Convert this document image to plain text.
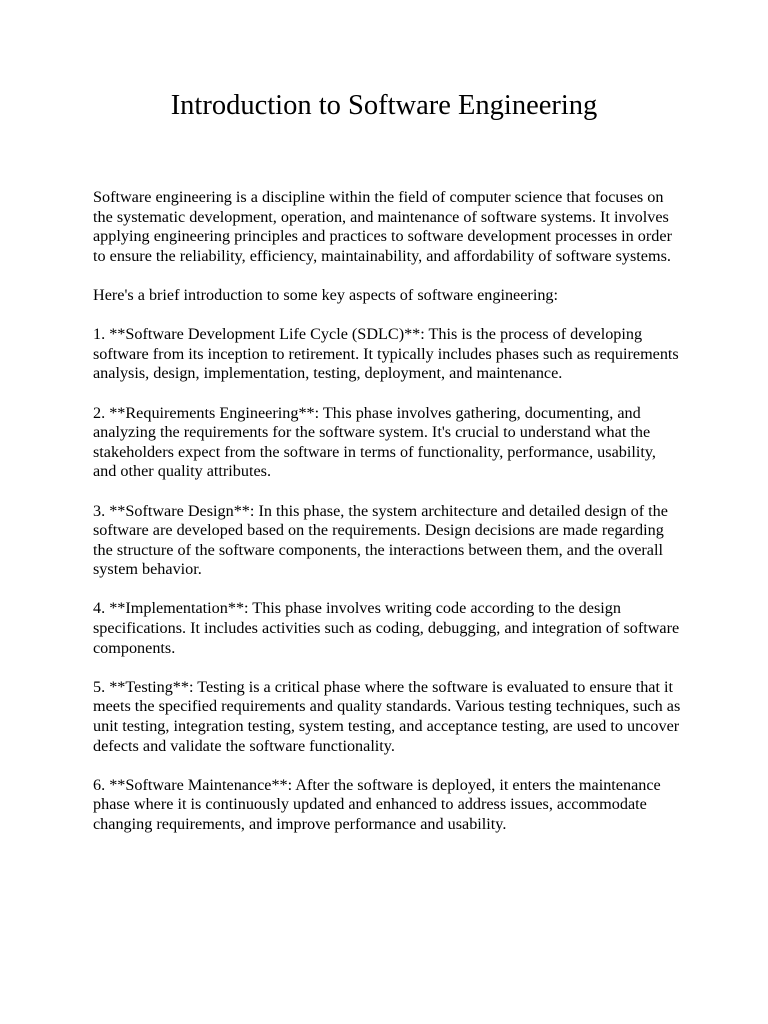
Introduction to Software Engineering

Software engineering is a discipline within the field of computer science that focuses on the systematic development, operation, and maintenance of software systems. It involves applying engineering principles and practices to software development processes in order to ensure the reliability, efficiency, maintainability, and affordability of software systems.

Here's a brief introduction to some key aspects of software engineering:

1. **Software Development Life Cycle (SDLC)**: This is the process of developing software from its inception to retirement. It typically includes phases such as requirements analysis, design, implementation, testing, deployment, and maintenance.

2. **Requirements Engineering**: This phase involves gathering, documenting, and analyzing the requirements for the software system. It's crucial to understand what the stakeholders expect from the software in terms of functionality, performance, usability, and other quality attributes.

3. **Software Design**: In this phase, the system architecture and detailed design of the software are developed based on the requirements. Design decisions are made regarding the structure of the software components, the interactions between them, and the overall system behavior.

4. **Implementation**: This phase involves writing code according to the design specifications. It includes activities such as coding, debugging, and integration of software components.

5. **Testing**: Testing is a critical phase where the software is evaluated to ensure that it meets the specified requirements and quality standards. Various testing techniques, such as unit testing, integration testing, system testing, and acceptance testing, are used to uncover defects and validate the software functionality.

6. **Software Maintenance**: After the software is deployed, it enters the maintenance phase where it is continuously updated and enhanced to address issues, accommodate changing requirements, and improve performance and usability.
